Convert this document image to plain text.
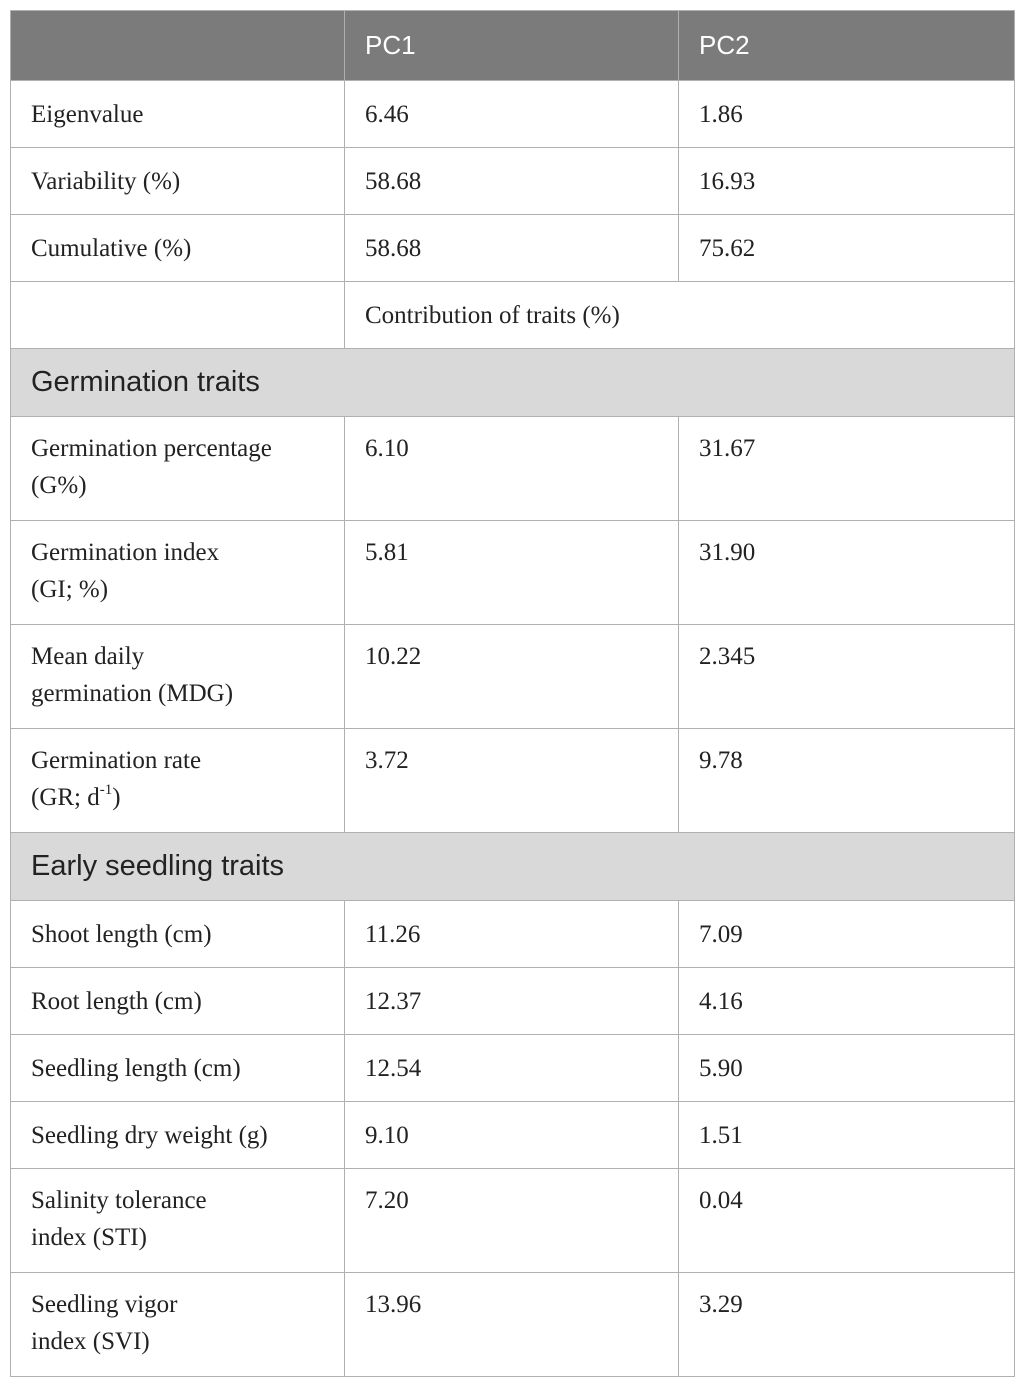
	PC1	PC2
Eigenvalue	6.46	1.86
Variability (%)	58.68	16.93
Cumulative (%)	58.68	75.62
	Contribution of traits (%)	
Germination traits		
Germination percentage
(G%)	6.10	31.67
Germination index
(GI; %)	5.81	31.90
Mean daily
germination (MDG)	10.22	2.345
Germination rate
(GR; $d^{-1}$)	3.72	9.78
Early seedling traits		
Shoot length (cm)	11.26	7.09
Root length (cm)	12.37	4.16
Seedling length (cm)	12.54	5.90
Seedling dry weight (g)	9.10	1.51
Salinity tolerance
index (STI)	7.20	0.04
Seedling vigor
index (SVI)	13.96	3.29
